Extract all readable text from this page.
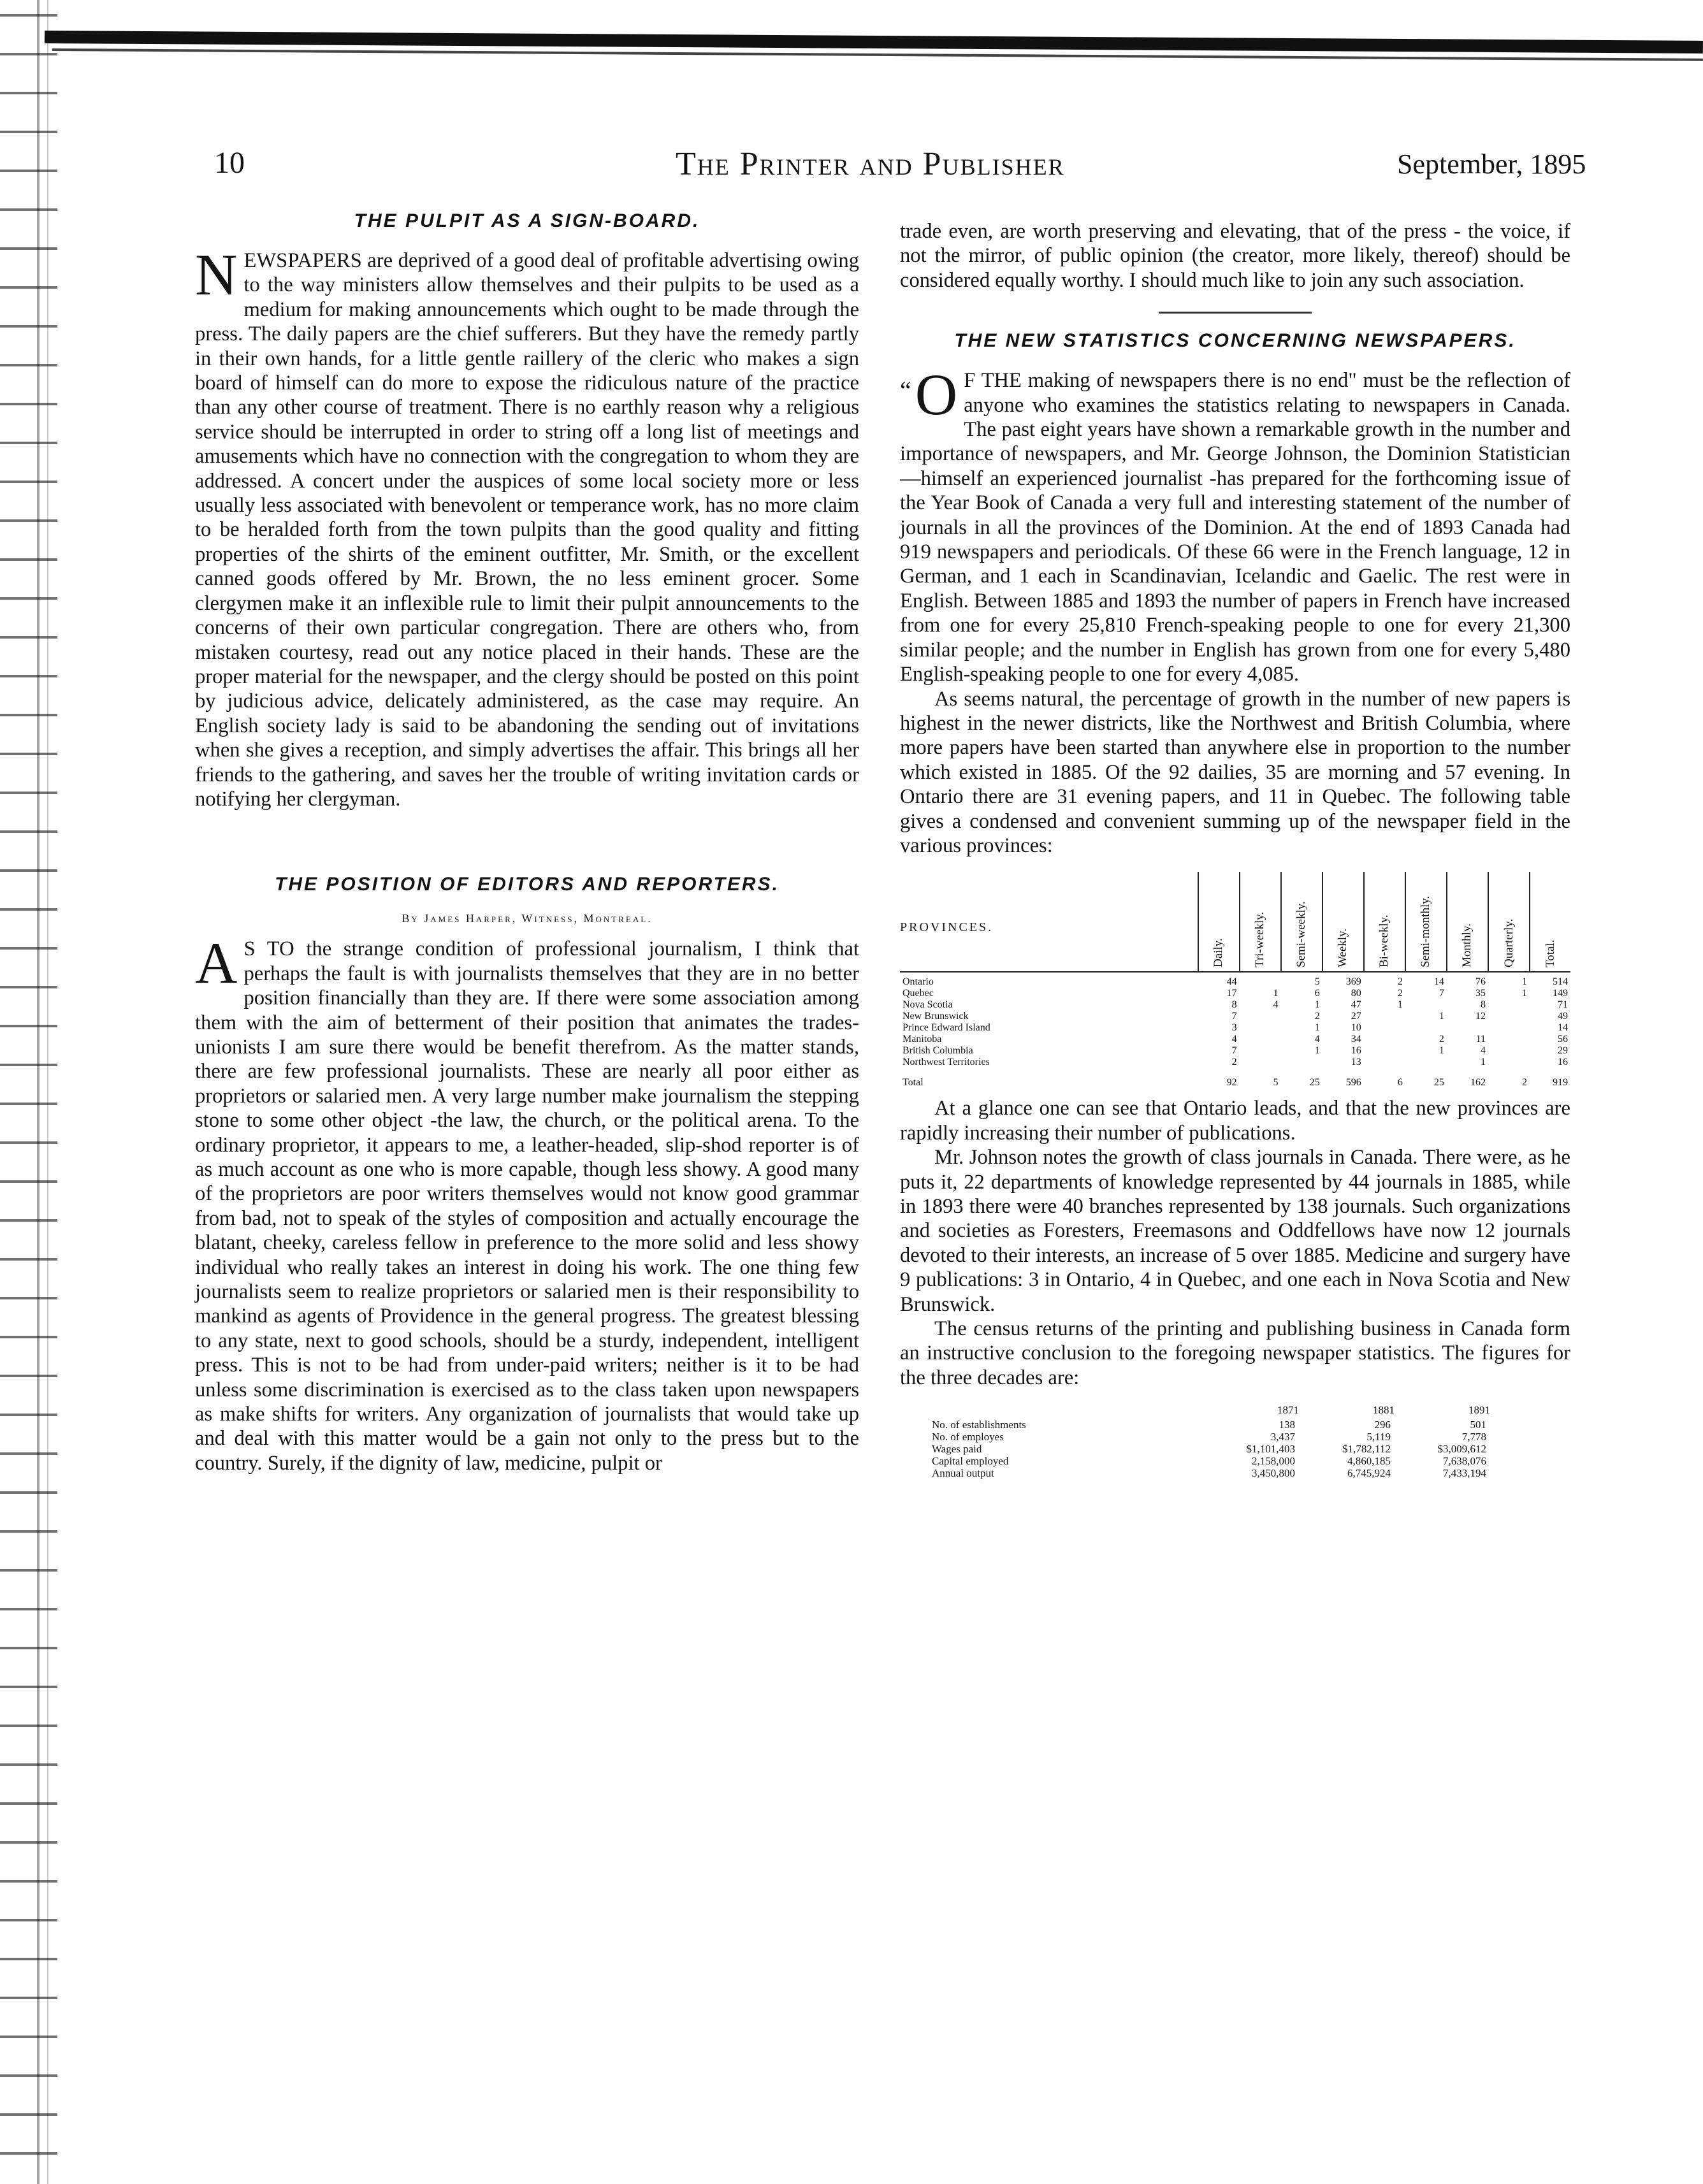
10	The Printer and Publisher	September, 1895
THE PULPIT AS A SIGN-BOARD.

NEWSPAPERS are deprived of a good deal of profitable advertising owing to the way ministers allow themselves and their pulpits to be used as a medium for making announcements which ought to be made through the press. The daily papers are the chief sufferers. But they have the remedy partly in their own hands, for a little gentle raillery of the cleric who makes a sign board of himself can do more to expose the ridiculous nature of the practice than any other course of treatment. There is no earthly reason why a religious service should be interrupted in order to string off a long list of meetings and amusements which have no connection with the congregation to whom they are addressed. A concert under the auspices of some local society more or less usually less associated with benevolent or temperance work, has no more claim to be heralded forth from the town pulpits than the good quality and fitting properties of the shirts of the eminent outfitter, Mr. Smith, or the excellent canned goods offered by Mr. Brown, the no less eminent grocer. Some clergymen make it an inflexible rule to limit their pulpit announcements to the concerns of their own particular congregation. There are others who, from mistaken courtesy, read out any notice placed in their hands. These are the proper material for the newspaper, and the clergy should be posted on this point by judicious advice, delicately administered, as the case may require. An English society lady is said to be abandoning the sending out of invitations when she gives a reception, and simply advertises the affair. This brings all her friends to the gathering, and saves her the trouble of writing invitation cards or notifying her clergyman.

THE POSITION OF EDITORS AND REPORTERS.
By James Harper, Witness, Montreal.

A S TO the strange condition of professional journalism, I think that perhaps the fault is with journalists themselves that they are in no better position financially than they are. If there were some association among them with the aim of betterment of their position that animates the trades-unionists I am sure there would be benefit therefrom. As the matter stands, there are few professional journalists. These are nearly all poor either as proprietors or salaried men. A very large number make journalism the stepping stone to some other object -the law, the church, or the political arena. To the ordinary proprietor, it appears to me, a leather-headed, slip-shod reporter is of as much account as one who is more capable, though less showy. A good many of the proprietors are poor writers themselves would not know good grammar from bad, not to speak of the styles of composition and actually encourage the blatant, cheeky, careless fellow in preference to the more solid and less showy individual who really takes an interest in doing his work. The one thing few journalists seem to realize proprietors or salaried men is their responsibility to mankind as agents of Providence in the general progress. The greatest blessing to any state, next to good schools, should be a sturdy, independent, intelligent press. This is not to be had from under-paid writers; neither is it to be had unless some discrimination is exercised as to the class taken upon newspapers as make shifts for writers. Any organization of journalists that would take up and deal with this matter would be a gain not only to the press but to the country. Surely, if the dignity of law, medicine, pulpit or

trade even, are worth preserving and elevating, that of the press - the voice, if not the mirror, of public opinion (the creator, more likely, thereof) should be considered equally worthy. I should much like to join any such association.

THE NEW STATISTICS CONCERNING NEWSPAPERS.

“ O F THE making of newspapers there is no end" must be the reflection of anyone who examines the statistics relating to newspapers in Canada. The past eight years have shown a remarkable growth in the number and importance of newspapers, and Mr. George Johnson, the Dominion Statistician—himself an experienced journalist -has prepared for the forthcoming issue of the Year Book of Canada a very full and interesting statement of the number of journals in all the provinces of the Dominion. At the end of 1893 Canada had 919 newspapers and periodicals. Of these 66 were in the French language, 12 in German, and 1 each in Scandinavian, Icelandic and Gaelic. The rest were in English. Between 1885 and 1893 the number of papers in French have increased from one for every 25,810 French-speaking people to one for every 21,300 similar people; and the number in English has grown from one for every 5,480 English-speaking people to one for every 4,085.

As seems natural, the percentage of growth in the number of new papers is highest in the newer districts, like the Northwest and British Columbia, where more papers have been started than anywhere else in proportion to the number which existed in 1885. Of the 92 dailies, 35 are morning and 57 evening. In Ontario there are 31 evening papers, and 11 in Quebec. The following table gives a condensed and convenient summing up of the newspaper field in the various provinces:

PROVINCES.	Daily.	Tri-weekly.	Semi-weekly.	Weekly.	Bi-weekly.	Semi-monthly.	Monthly.	Quarterly.	Total.

Ontario	44		5	369	2	14	76	1	514
Quebec	17	1	6	80	2	7	35	1	149
Nova Scotia	8	4	1	47	1		8		71
New Brunswick	7		2	27		1	12		49
Prince Edward Island	3		1	10					14
Manitoba	4		4	34		2	11		56
British Columbia	7		1	16		1	4		29
Northwest Territories	2			13			1		16
Total	92	5	25	596	6	25	162	2	919

At a glance one can see that Ontario leads, and that the new provinces are rapidly increasing their number of publications.

Mr. Johnson notes the growth of class journals in Canada. There were, as he puts it, 22 departments of knowledge represented by 44 journals in 1885, while in 1893 there were 40 branches represented by 138 journals. Such organizations and societies as Foresters, Freemasons and Oddfellows have now 12 journals devoted to their interests, an increase of 5 over 1885. Medicine and surgery have 9 publications: 3 in Ontario, 4 in Quebec, and one each in Nova Scotia and New Brunswick.

The census returns of the printing and publishing business in Canada form an instructive conclusion to the foregoing newspaper statistics. The figures for the three decades are:

	1871	1881	1891
No. of establishments	138	296	501
No. of employes	3,437	5,119	7,778
Wages paid	$1,101,403	$1,782,112	$3,009,612
Capital employed	2,158,000	4,860,185	7,638,076
Annual output	3,450,800	6,745,924	7,433,194
